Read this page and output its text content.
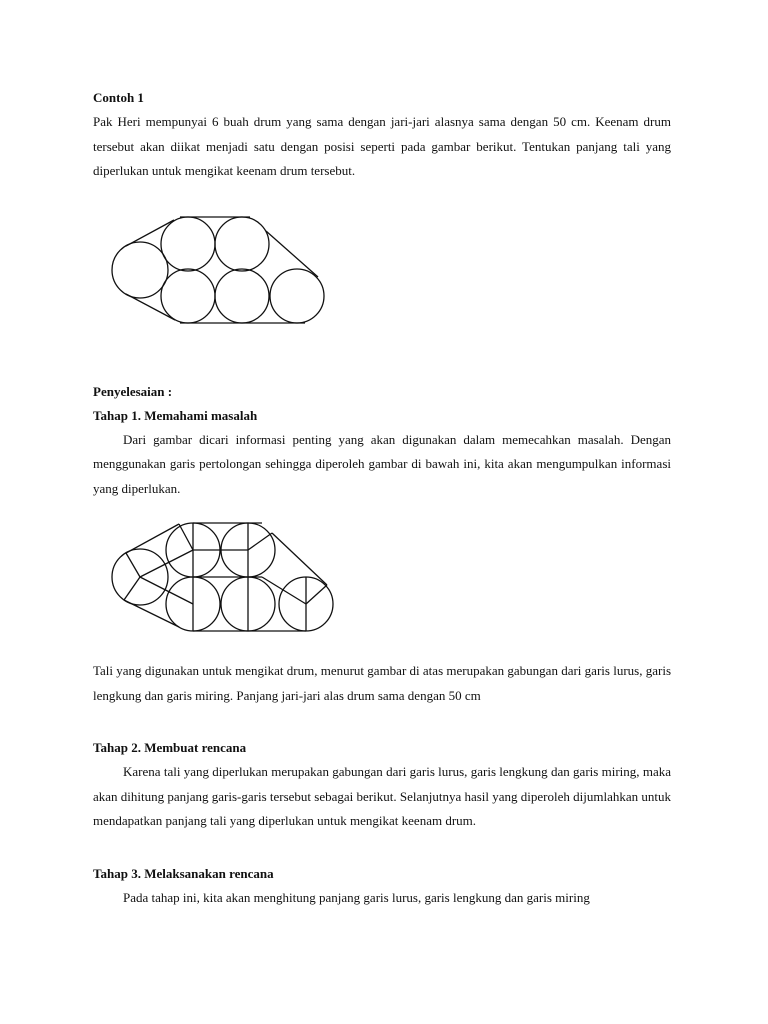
Contoh 1

Pak Heri mempunyai 6 buah drum yang sama dengan jari-jari alasnya sama dengan 50 cm. Keenam drum tersebut akan diikat menjadi satu dengan posisi seperti pada gambar berikut. Tentukan panjang tali yang diperlukan untuk mengikat keenam drum tersebut.

Penyelesaian :
Tahap 1. Memahami masalah

Dari gambar dicari informasi penting yang akan digunakan dalam memecahkan masalah. Dengan menggunakan garis pertolongan sehingga diperoleh gambar di bawah ini, kita akan mengumpulkan informasi yang diperlukan.

Tali yang digunakan untuk mengikat drum, menurut gambar di atas merupakan gabungan dari garis lurus, garis lengkung dan garis miring. Panjang jari-jari alas drum sama dengan 50 cm

Tahap 2. Membuat rencana

Karena tali yang diperlukan merupakan gabungan dari garis lurus, garis lengkung dan garis miring, maka akan dihitung panjang garis-garis tersebut sebagai berikut. Selanjutnya hasil yang diperoleh dijumlahkan untuk mendapatkan panjang tali yang diperlukan untuk mengikat keenam drum.

Tahap 3. Melaksanakan rencana

Pada tahap ini, kita akan menghitung panjang garis lurus, garis lengkung dan garis miring
